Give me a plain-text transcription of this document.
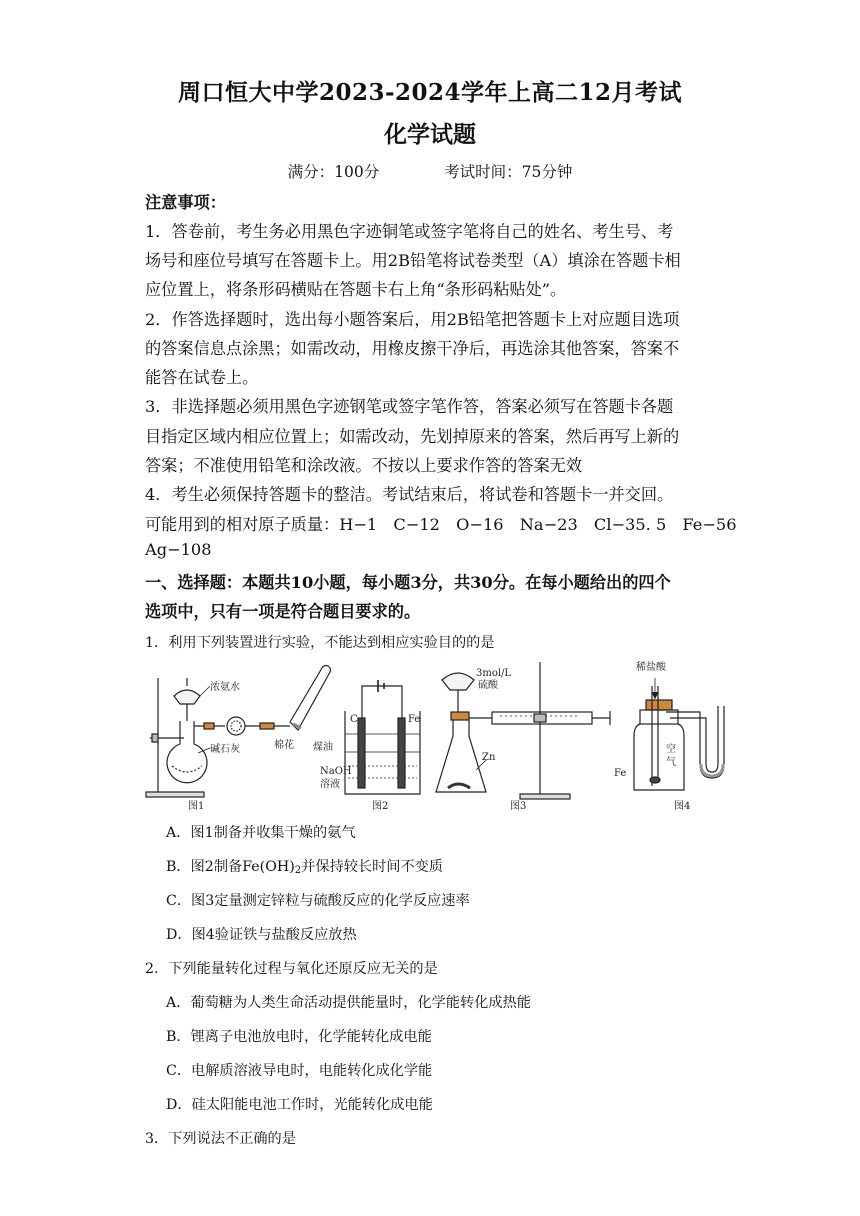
周口恒大中学2023-2024学年上高二12月考试
化学试题
满分：100分	考试时间：75分钟
注意事项：
1．答卷前，考生务必用黑色字迹铜笔或签字笔将自己的姓名、考生号、考
场号和座位号填写在答题卡上。用2B铅笔将试卷类型（A）填涂在答题卡相
应位置上，将条形码横贴在答题卡右上角“条形码粘贴处”。
2．作答选择题时，选出每小题答案后，用2B铅笔把答题卡上对应题目选项
的答案信息点涂黑；如需改动，用橡皮擦干净后，再选涂其他答案，答案不
能答在试卷上。
3．非选择题必须用黑色字迹钢笔或签字笔作答，答案必须写在答题卡各题
目指定区域内相应位置上；如需改动，先划掉原来的答案，然后再写上新的
答案；不准使用铅笔和涂改液。不按以上要求作答的答案无效
4．考生必须保持答题卡的整洁。考试结束后，将试卷和答题卡一并交回。
可能用到的相对原子质量：H−1　C−12　O−16　Na−23　Cl−35. 5　Fe−56
Ag−108
一、选择题：本题共10小题，每小题3分，共30分。在每小题给出的四个
选项中，只有一项是符合题目要求的。
1．利用下列装置进行实验，不能达到相应实验目的的是
浓氨水
碱石灰	棉花
图1
C	Fe
煤油
NaOH
溶液
图2
3mol/L
硫酸
Zn
图3
稀盐酸
空
气
Fe
图4
A．图1制备并收集干燥的氨气
B．图2制备$Fe(OH)_2$并保持较长时间不变质
C．图3定量测定锌粒与硫酸反应的化学反应速率
D．图4验证铁与盐酸反应放热
2．下列能量转化过程与氧化还原反应无关的是
A．葡萄糖为人类生命活动提供能量时，化学能转化成热能
B．锂离子电池放电时，化学能转化成电能
C．电解质溶液导电时，电能转化成化学能
D．硅太阳能电池工作时，光能转化成电能
3．下列说法不正确的是
